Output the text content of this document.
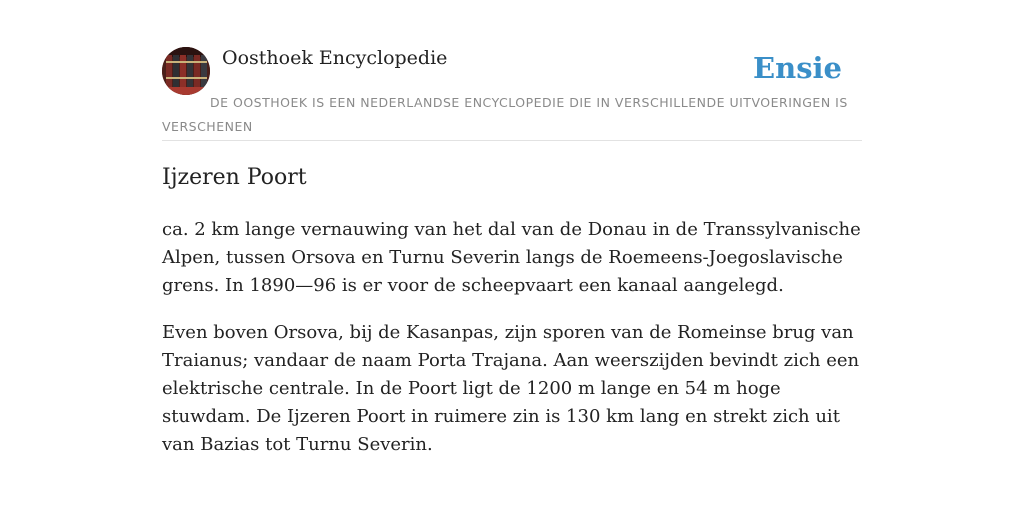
Oosthoek Encyclopedie	Ensie
DE OOSTHOEK IS EEN NEDERLANDSE ENCYCLOPEDIE DIE IN VERSCHILLENDE UITVOERINGEN IS VERSCHENEN
Ijzeren Poort

ca. 2 km lange vernauwing van het dal van de Donau in de Transsylvanische Alpen, tussen Orsova en Turnu Severin langs de Roemeens-Joegoslavische grens. In 1890—96 is er voor de scheepvaart een kanaal aangelegd.

Even boven Orsova, bij de Kasanpas, zijn sporen van de Romeinse brug van Traianus; vandaar de naam Porta Trajana. Aan weerszijden bevindt zich een elektrische centrale. In de Poort ligt de 1200 m lange en 54 m hoge stuwdam. De Ijzeren Poort in ruimere zin is 130 km lang en strekt zich uit van Bazias tot Turnu Severin.
